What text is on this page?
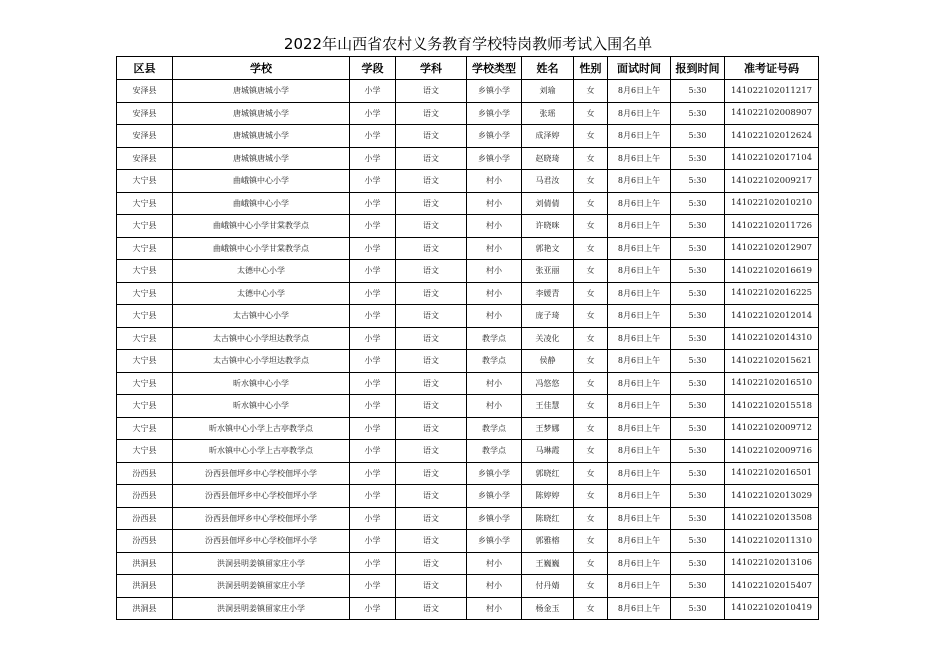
2022年山西省农村义务教育学校特岗教师考试入围名单
区县	学校	学段	学科	学校类型	姓名	性别	面试时间	报到时间	准考证号码
安泽县	唐城镇唐城小学	小学	语文	乡镇小学	刘瑜	女	8月6日上午	5:30	141022102011217
安泽县	唐城镇唐城小学	小学	语文	乡镇小学	张瑶	女	8月6日上午	5:30	141022102008907
安泽县	唐城镇唐城小学	小学	语文	乡镇小学	成泽婷	女	8月6日上午	5:30	141022102012624
安泽县	唐城镇唐城小学	小学	语文	乡镇小学	赵晓琦	女	8月6日上午	5:30	141022102017104
大宁县	曲峨镇中心小学	小学	语文	村小	马君汝	女	8月6日上午	5:30	141022102009217
大宁县	曲峨镇中心小学	小学	语文	村小	刘倩倩	女	8月6日上午	5:30	141022102010210
大宁县	曲峨镇中心小学甘棠教学点	小学	语文	村小	许晓咪	女	8月6日上午	5:30	141022102011726
大宁县	曲峨镇中心小学甘棠教学点	小学	语文	村小	郭艳文	女	8月6日上午	5:30	141022102012907
大宁县	太德中心小学	小学	语文	村小	张亚丽	女	8月6日上午	5:30	141022102016619
大宁县	太德中心小学	小学	语文	村小	李媛青	女	8月6日上午	5:30	141022102016225
大宁县	太古镇中心小学	小学	语文	村小	庞子琦	女	8月6日上午	5:30	141022102012014
大宁县	太古镇中心小学坦达教学点	小学	语文	教学点	关凌化	女	8月6日上午	5:30	141022102014310
大宁县	太古镇中心小学坦达教学点	小学	语文	教学点	侯静	女	8月6日上午	5:30	141022102015621
大宁县	昕水镇中心小学	小学	语文	村小	冯悠悠	女	8月6日上午	5:30	141022102016510
大宁县	昕水镇中心小学	小学	语文	村小	王佳慧	女	8月6日上午	5:30	141022102015518
大宁县	昕水镇中心小学上古亭教学点	小学	语文	教学点	王梦娜	女	8月6日上午	5:30	141022102009712
大宁县	昕水镇中心小学上古亭教学点	小学	语文	教学点	马琳霞	女	8月6日上午	5:30	141022102009716
汾西县	汾西县佃坪乡中心学校佃坪小学	小学	语文	乡镇小学	郭晓红	女	8月6日上午	5:30	141022102016501
汾西县	汾西县佃坪乡中心学校佃坪小学	小学	语文	乡镇小学	陈婷婷	女	8月6日上午	5:30	141022102013029
汾西县	汾西县佃坪乡中心学校佃坪小学	小学	语文	乡镇小学	陈晓红	女	8月6日上午	5:30	141022102013508
汾西县	汾西县佃坪乡中心学校佃坪小学	小学	语文	乡镇小学	郭雅榕	女	8月6日上午	5:30	141022102011310
洪洞县	洪洞县明姜镇留家庄小学	小学	语文	村小	王巍巍	女	8月6日上午	5:30	141022102013106
洪洞县	洪洞县明姜镇留家庄小学	小学	语文	村小	付丹婧	女	8月6日上午	5:30	141022102015407
洪洞县	洪洞县明姜镇留家庄小学	小学	语文	村小	杨金玉	女	8月6日上午	5:30	141022102010419
